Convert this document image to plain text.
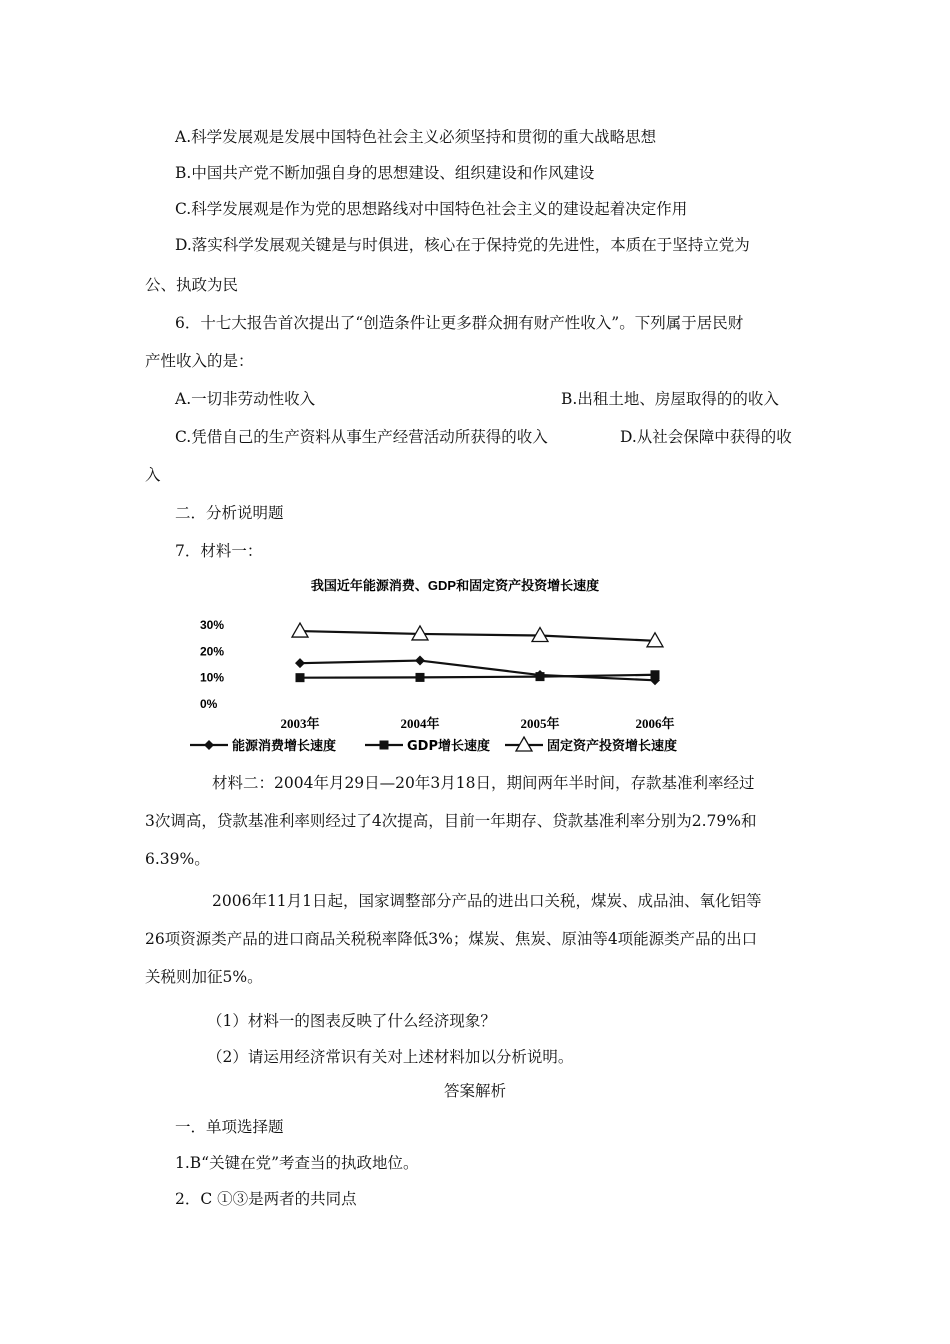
A.科学发展观是发展中国特色社会主义必须坚持和贯彻的重大战略思想
B.中国共产党不断加强自身的思想建设、组织建设和作风建设
C.科学发展观是作为党的思想路线对中国特色社会主义的建设起着决定作用
D.落实科学发展观关键是与时俱进，核心在于保持党的先进性，本质在于坚持立党为
公、执政为民
6．十七大报告首次提出了“创造条件让更多群众拥有财产性收入”。下列属于居民财
产性收入的是：
A.一切非劳动性收入	B.出租土地、房屋取得的的收入
C.凭借自己的生产资料从事生产经营活动所获得的收入	D.从社会保障中获得的收
入
二．分析说明题
7．材料一：
我国近年能源消费、GDP和固定资产投资增长速度
30%
20%
10%
0%
2003年	2004年	2005年	2006年
能源消费增长速度	GDP增长速度	固定资产投资增长速度
材料二：2004年月29日—20年3月18日，期间两年半时间，存款基准利率经过
3次调高，贷款基准利率则经过了4次提高，目前一年期存、贷款基准利率分别为2.79%和
6.39%。
2006年11月1日起，国家调整部分产品的进出口关税，煤炭、成品油、氧化铝等
26项资源类产品的进口商品关税税率降低3%；煤炭、焦炭、原油等4项能源类产品的出口
关税则加征5%。
（1）材料一的图表反映了什么经济现象？
（2）请运用经济常识有关对上述材料加以分析说明。
答案解析
一．单项选择题
1.B“关键在党”考查当的执政地位。
2．C ①③是两者的共同点
